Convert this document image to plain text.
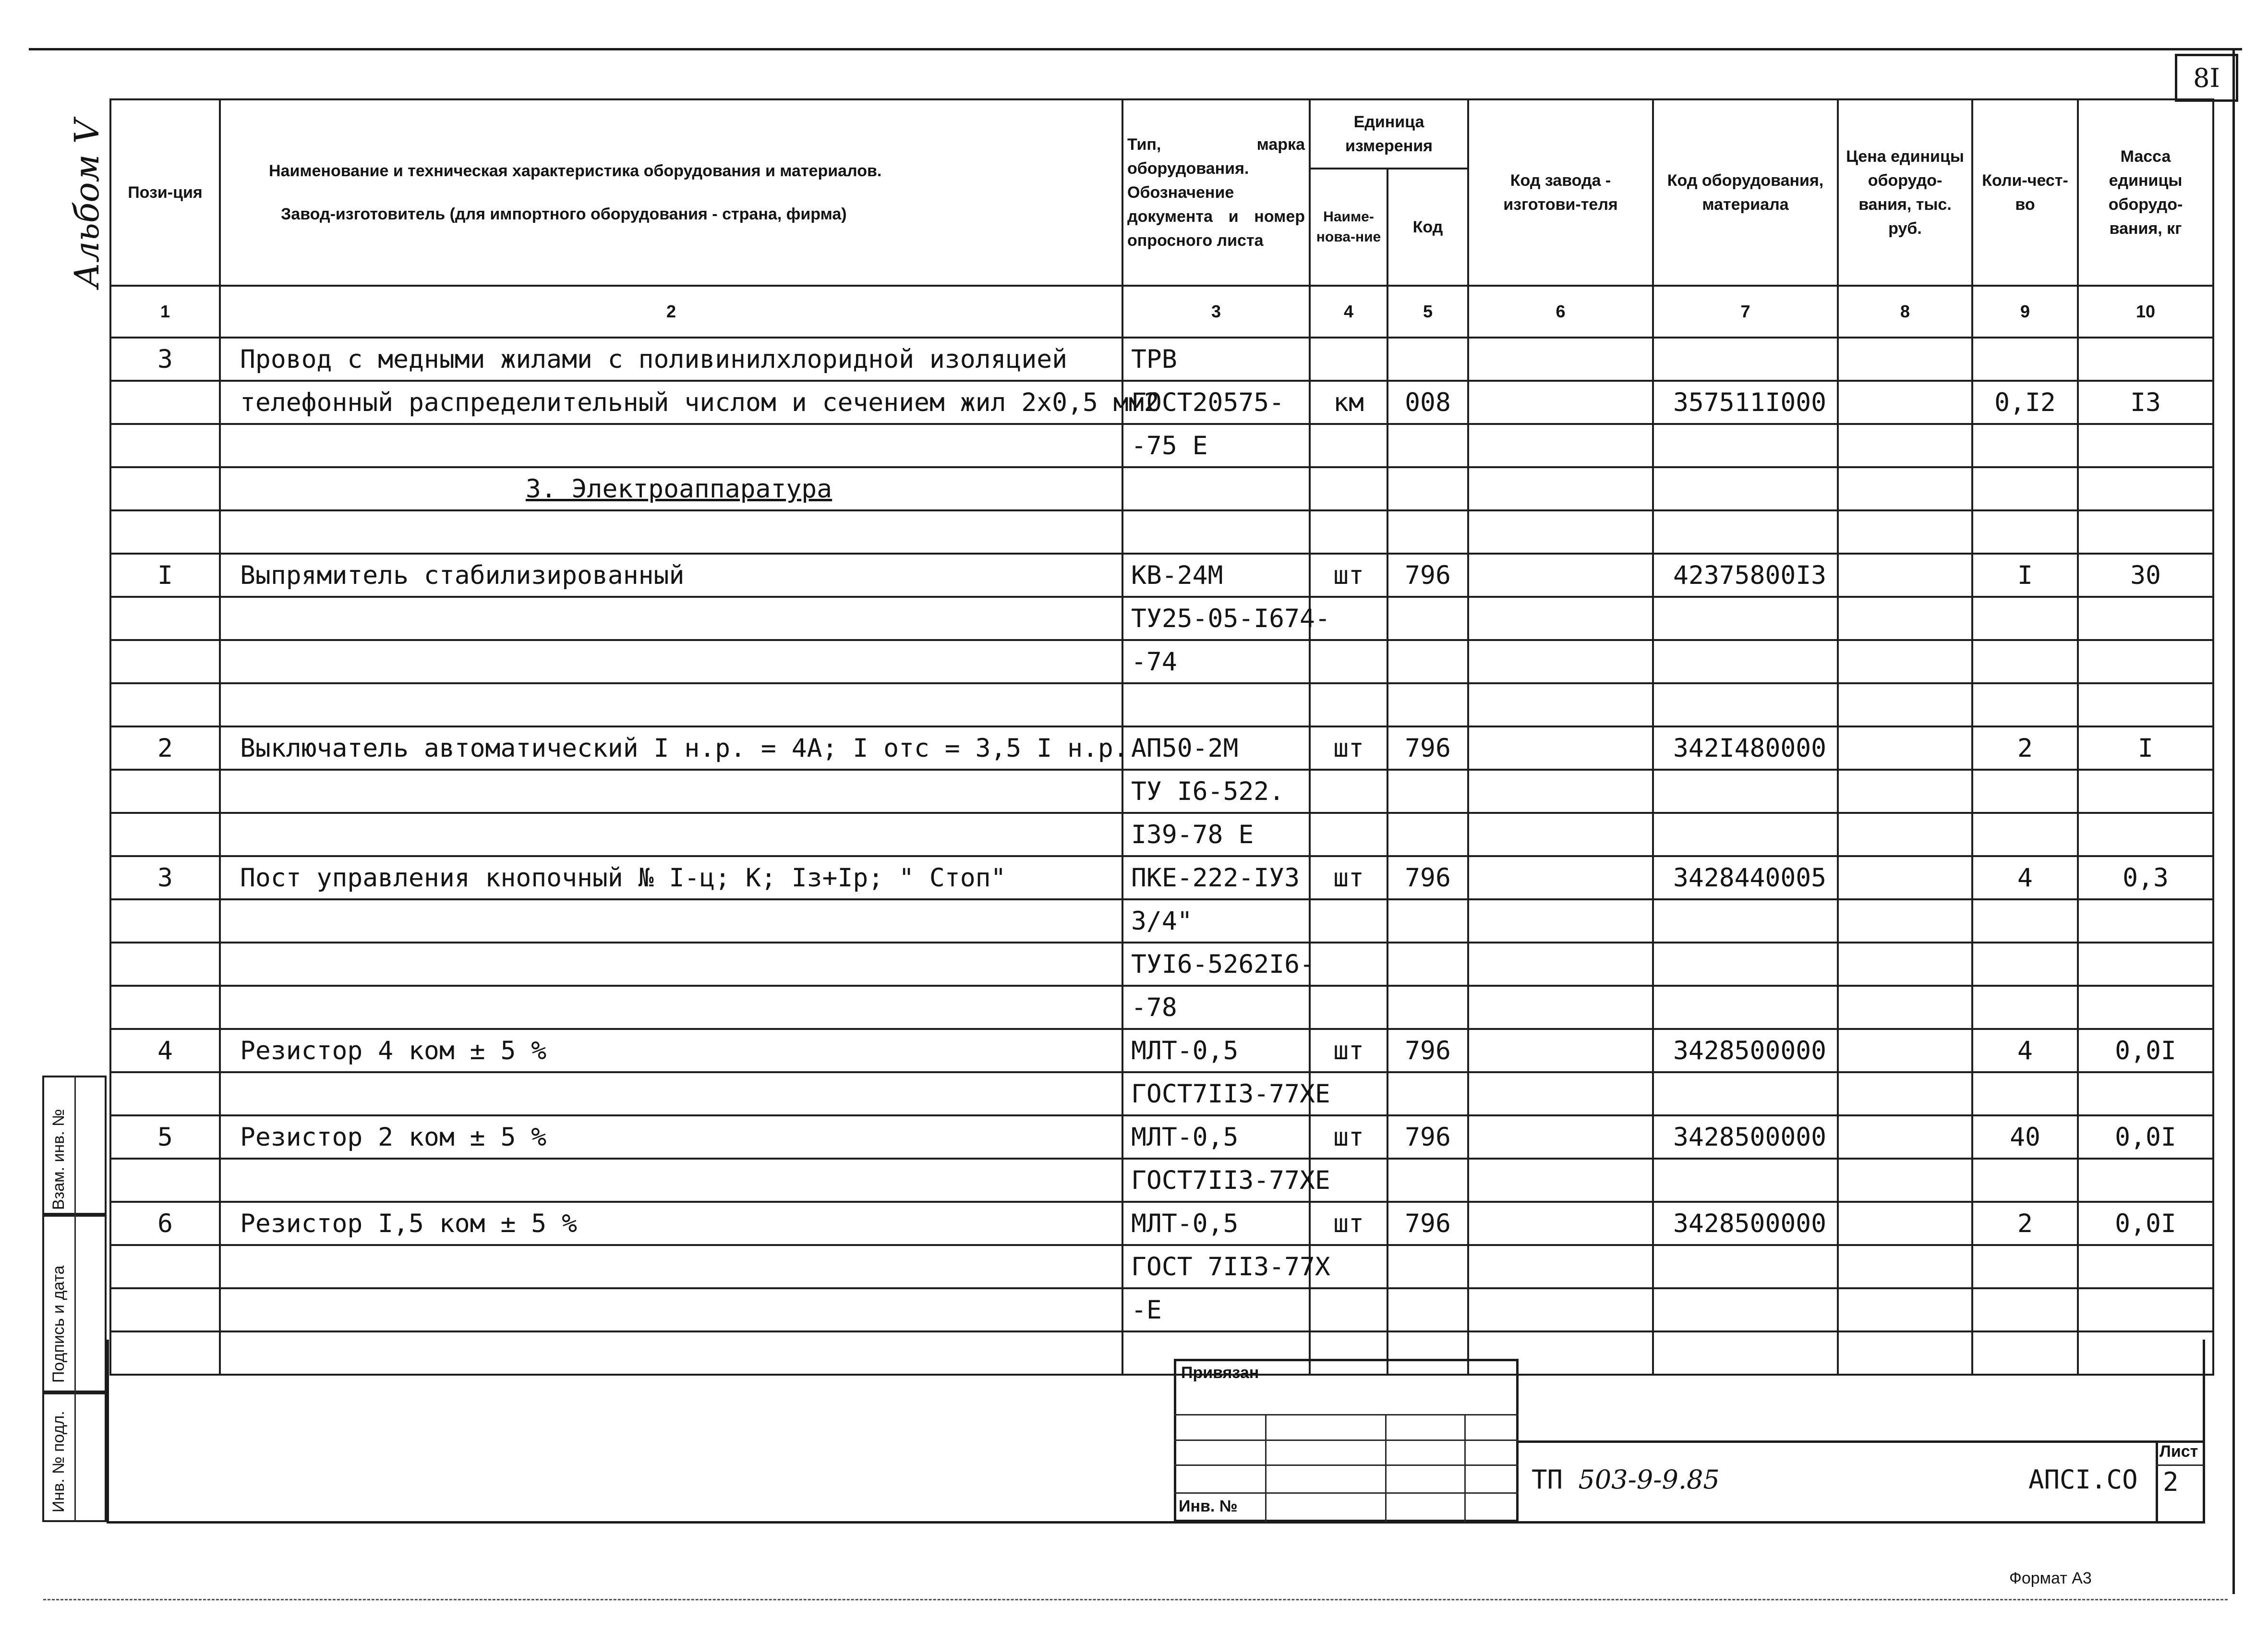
8I
Альбом V Пози-ция	Наименование и техническая характеристика оборудования и материалов.
Завод-изготовитель (для импортного оборудования - страна, фирма)	Тип, марка оборудования. Обозначение документа и номер опросного листа	Единица измерения		Код завода - изготови-теля	Код оборудования, материала	Цена единицы оборудо-вания, тыс. руб.	Коли-чест-во	Масса единицы оборудо-вания, кг
			Наиме-нова-ние	Код					
1	2	3	4	5	6	7	8	9	10
3	Провод с медными жилами с поливинилхлоридной изоляцией	ТРВ							
	телефонный распределительный числом и сечением жил 2х0,5 мм2	ГОСТ20575-	км	008		357511I000		0,I2	I3
		-75 Е							
	3. Электроаппаратура								

I	Выпрямитель стабилизированный	КВ-24М	шт	796		42375800I3		I	30
		ТУ25-05-I674-							
		-74							

2	Выключатель автоматический I н.р. = 4А; I отс = 3,5 I н.р.	АП50-2М	шт	796		342I480000		2	I
		ТУ I6-522.							
		I39-78 Е							
3	Пост управления кнопочный № I-ц; К; Iз+Iр; " Стоп"	ПКЕ-222-IУЗ	шт	796		3428440005		4	0,3
		3/4"							
		ТУI6-5262I6-							
		-78							
4	Резистор 4 ком ± 5 %	МЛТ-0,5	шт	796		3428500000		4	0,0I
		ГОСТ7II3-77ХЕ							
5	Резистор 2 ком ± 5 %	МЛТ-0,5	шт	796		3428500000		40	0,0I
		ГОСТ7II3-77ХЕ							
6	Резистор I,5 ком ± 5 %	МЛТ-0,5	шт	796		3428500000		2	0,0I
		ГОСТ 7II3-77Х							
		-Е							

Взам. инв. №
Подпись и дата
Инв. № подл.
Привязан
Инв. №
ТП 503-9-9.85	АПСI.СО
Лист
2
Формат А3
